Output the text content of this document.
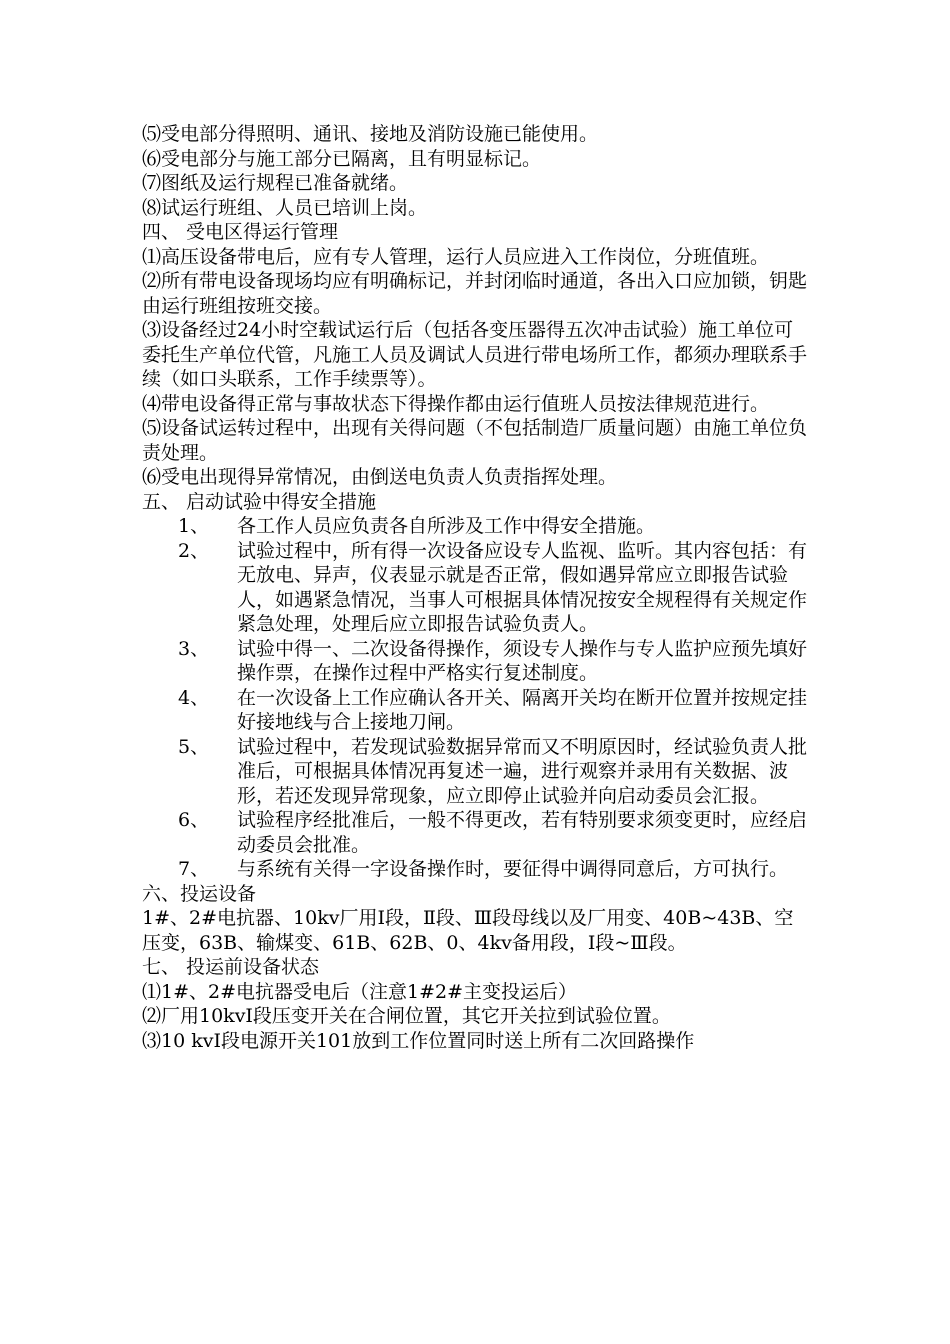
⑸受电部分得照明、通讯、接地及消防设施已能使用。

⑹受电部分与施工部分已隔离，且有明显标记。

⑺图纸及运行规程已准备就绪。

⑻试运行班组、人员已培训上岗。

四、 受电区得运行管理

⑴高压设备带电后，应有专人管理，运行人员应进入工作岗位，分班值班。

⑵所有带电设备现场均应有明确标记，并封闭临时通道，各出入口应加锁，钥匙由运行班组按班交接。

⑶设备经过24小时空载试运行后（包括各变压器得五次冲击试验）施工单位可委托生产单位代管，凡施工人员及调试人员进行带电场所工作，都须办理联系手续（如口头联系，工作手续票等）。

⑷带电设备得正常与事故状态下得操作都由运行值班人员按法律规范进行。

⑸设备试运转过程中，出现有关得问题（不包括制造厂质量问题）由施工单位负责处理。

⑹受电出现得异常情况，由倒送电负责人负责指挥处理。

五、 启动试验中得安全措施

1、	各工作人员应负责各自所涉及工作中得安全措施。
2、	试验过程中，所有得一次设备应设专人监视、监听。其内容包括：有无放电、异声，仪表显示就是否正常，假如遇异常应立即报告试验人，如遇紧急情况，当事人可根据具体情况按安全规程得有关规定作紧急处理，处理后应立即报告试验负责人。
3、	试验中得一、二次设备得操作，须设专人操作与专人监护应预先填好操作票，在操作过程中严格实行复述制度。
4、	在一次设备上工作应确认各开关、隔离开关均在断开位置并按规定挂好接地线与合上接地刀闸。
5、	试验过程中，若发现试验数据异常而又不明原因时，经试验负责人批准后，可根据具体情况再复述一遍，进行观察并录用有关数据、波形，若还发现异常现象，应立即停止试验并向启动委员会汇报。
6、	试验程序经批准后，一般不得更改，若有特别要求须变更时，应经启动委员会批准。
7、	与系统有关得一字设备操作时，要征得中调得同意后，方可执行。

六、投运设备

1#、2#电抗器、10kv厂用Ⅰ段，Ⅱ段、Ⅲ段母线以及厂用变、40B~43B、空压变，63B、输煤变、61B、62B、0、4kv备用段，Ⅰ段~Ⅲ段。

七、 投运前设备状态

⑴1#、2#电抗器受电后（注意1#2#主变投运后）

⑵厂用10kvⅠ段压变开关在合闸位置，其它开关拉到试验位置。

⑶10 kvⅠ段电源开关101放到工作位置同时送上所有二次回路操作
